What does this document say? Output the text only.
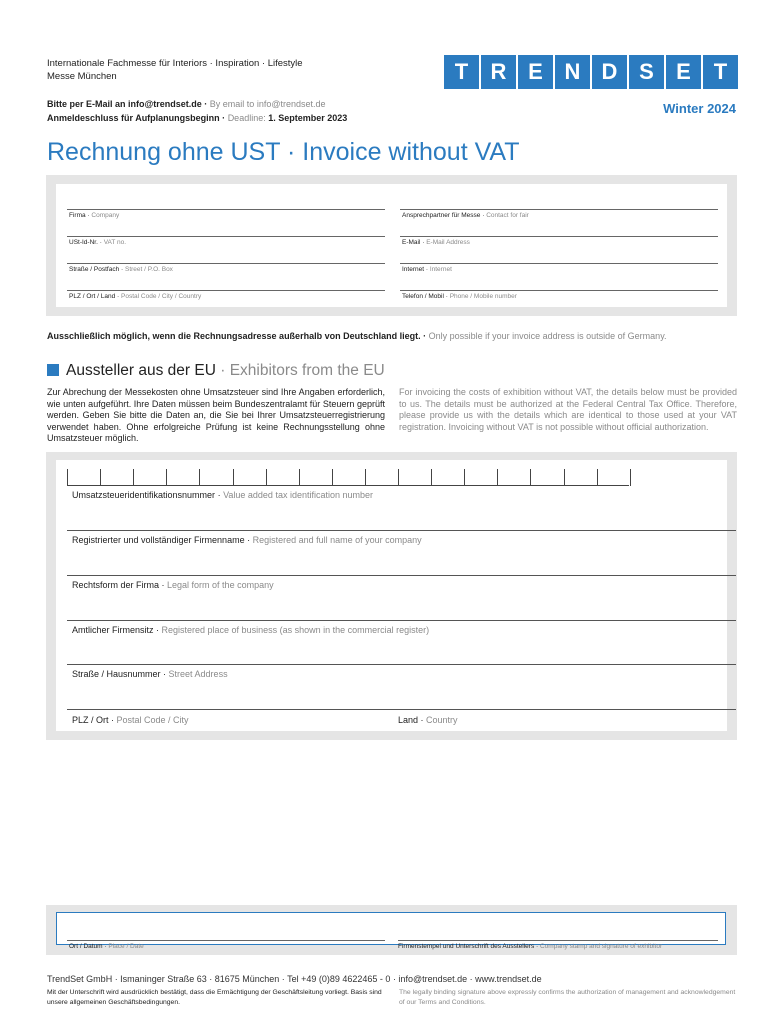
Internationale Fachmesse für Interiors · Inspiration · Lifestyle
Messe München	T	R E N D S	E	T
Bitte per E-Mail an info@trendset.de · By email to info@trendset.de
Anmeldeschluss für Aufplanungsbeginn · Deadline: 1. September 2023
Winter 2024
Rechnung ohne UST · Invoice without VAT
Firma · Company	Ansprechpartner für Messe · Contact for fair
USt-Id-Nr. · VAT no.	E-Mail · E-Mail Address
Straße / Postfach · Street / P.O. Box	Internet · Internet
PLZ / Ort / Land · Postal Code / City / Country	Telefon / Mobil · Phone / Mobile number
Ausschließlich möglich, wenn die Rechnungsadresse außerhalb von Deutschland liegt. · Only possible if your invoice address is outside of Germany.
Aussteller aus der EU · Exhibitors from the EU
Zur Abrechung der Messekosten ohne Umsatzsteuer sind Ihre Angaben erforderlich, wie unten aufgeführt. Ihre Daten müssen beim Bundeszentralamt für Steuern geprüft werden. Geben Sie bitte die Daten an, die Sie bei Ihrer Umsatzsteuerregistrierung verwendet haben. Ohne erfolgreiche Prüfung ist keine Rechnungsstellung ohne Umsatzsteuer möglich.
For invoicing the costs of exhibition without VAT, the details below must be provided to us. The details must be authorized at the Federal Central Tax Office. Therefore, please provide us with the details which are identical to those used at your VAT registration. Invoicing without VAT is not possible without official authorization.
Umsatzsteueridentifikationsnummer · Value added tax identification number
Registrierter und vollständiger Firmenname · Registered and full name of your company
Rechtsform der Firma · Legal form of the company
Amtlicher Firmensitz · Registered place of business (as shown in the commercial register)
Straße / Hausnummer · Street Address
PLZ / Ort · Postal Code / City	Land · Country
Ort / Datum · Place / Date	Firmenstempel und Unterschrift des Ausstellers · Company stamp and signature of exhibitor
TrendSet GmbH · Ismaninger Straße 63 · 81675 München · Tel +49 (0)89 4622465 - 0 · info@trendset.de · www.trendset.de
Mit der Unterschrift wird ausdrücklich bestätigt, dass die Ermächtigung der Geschäftsleitung vorliegt. Basis sind unsere allgemeinen Geschäftsbedingungen.
The legally binding signature above expressly confirms the authorization of management and acknowledgement of our Terms and Conditions.
